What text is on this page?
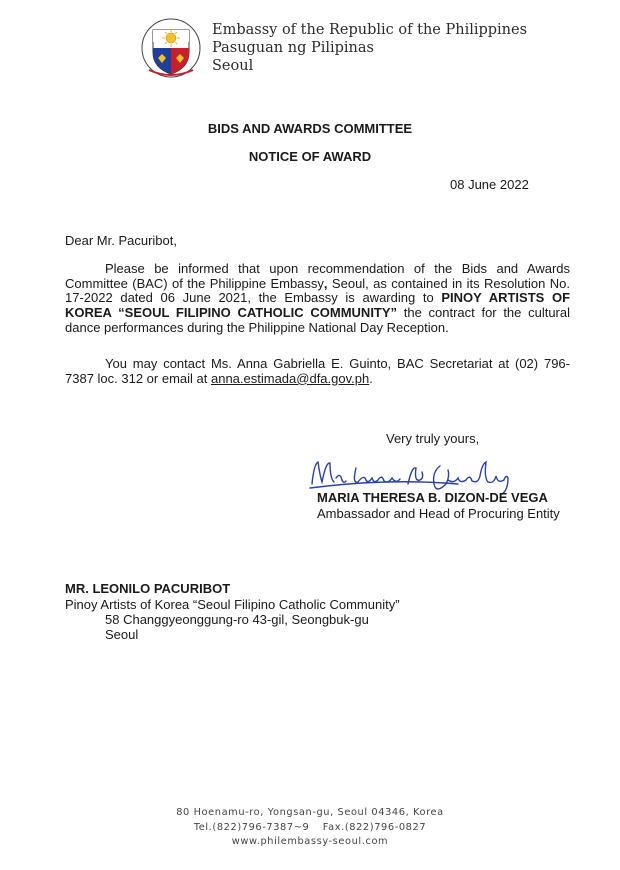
Embassy of the Republic of the Philippines
Pasuguan ng Pilipinas
Seoul
BIDS AND AWARDS COMMITTEE
NOTICE OF AWARD
08 June 2022
Dear Mr. Pacuribot,
Please be informed that upon recommendation of the Bids and Awards Committee (BAC) of the Philippine Embassy, Seoul, as contained in its Resolution No. 17-2022 dated 06 June 2021, the Embassy is awarding to PINOY ARTISTS OF KOREA “SEOUL FILIPINO CATHOLIC COMMUNITY” the contract for the cultural dance performances during the Philippine National Day Reception.
You may contact Ms. Anna Gabriella E. Guinto, BAC Secretariat at (02) 796-7387 loc. 312 or email at anna.estimada@dfa.gov.ph.
Very truly yours,
MARIA THERESA B. DIZON-DE VEGA
Ambassador and Head of Procuring Entity
MR. LEONILO PACURIBOT
Pinoy Artists of Korea “Seoul Filipino Catholic Community”
58 Changgyeonggung-ro 43-gil, Seongbuk-gu
Seoul
80 Hoenamu-ro, Yongsan-gu, Seoul 04346, Korea
Tel.(822)796-7387~9 Fax.(822)796-0827
www.philembassy-seoul.com
